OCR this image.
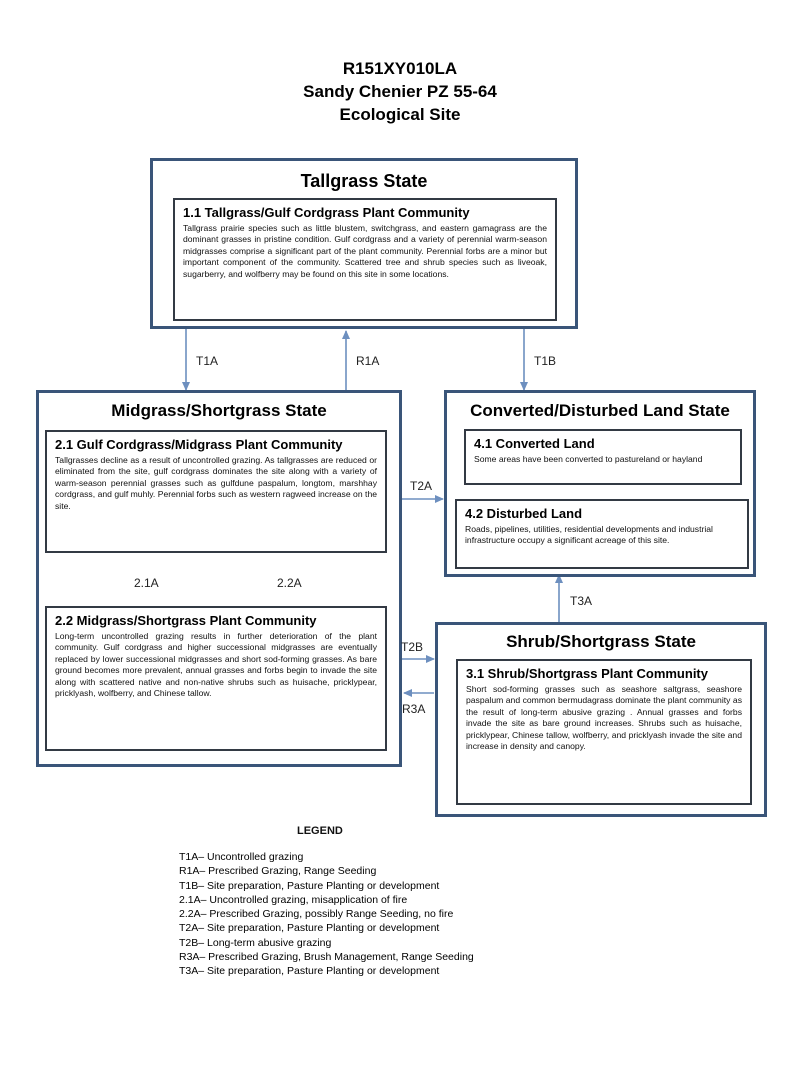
R151XY010LA
Sandy Chenier PZ 55-64
Ecological Site
Tallgrass State
1.1 Tallgrass/Gulf Cordgrass Plant Community
Tallgrass prairie species such as little blustem, switchgrass, and eastern gamagrass are the dominant grasses in pristine condition. Gulf cordgrass and a variety of perennial warm-season midgrasses comprise a significant part of the plant community. Perennial forbs are a minor but important component of the community. Scattered tree and shrub species such as liveoak, sugarberry, and wolfberry may be found on this site in some locations.
Midgrass/Shortgrass State
2.1 Gulf Cordgrass/Midgrass Plant Community
Tallgrasses decline as a result of uncontrolled grazing. As tallgrasses are reduced or eliminated from the site, gulf cordgrass dominates the site along with a variety of warm-season perennial grasses such as gulfdune paspalum, longtom, marshhay cordgrass, and gulf muhly. Perennial forbs such as western ragweed increase on the site.
2.2 Midgrass/Shortgrass Plant Community
Long-term uncontrolled grazing results in further deterioration of the plant community. Gulf cordgrass and higher successional midgrasses are eventually replaced by lower successional midgrasses and short sod-forming grasses. As bare ground becomes more prevalent, annual grasses and forbs begin to invade the site along with scattered native and non-native shrubs such as huisache, pricklypear, pricklyash, wolfberry, and Chinese tallow.
Converted/Disturbed Land State
4.1 Converted Land
Some areas have been converted to pastureland or hayland
4.2 Disturbed Land
Roads, pipelines, utilities, residential developments and industrial infrastructure occupy a significant acreage of this site.
Shrub/Shortgrass State
3.1 Shrub/Shortgrass Plant Community
Short sod-forming grasses such as seashore saltgrass, seashore paspalum and common bermudagrass dominate the plant community as the result of long-term abusive grazing . Annual grasses and forbs invade the site as bare ground increases. Shrubs such as huisache, pricklypear, Chinese tallow, wolfberry, and pricklyash invade the site and increase in density and canopy.
T1A	R1A	T1B
T2A
T2B
R3A
T3A
2.1A	2.2A
LEGEND
T1A– Uncontrolled grazing
R1A– Prescribed Grazing, Range Seeding
T1B– Site preparation, Pasture Planting or development
2.1A– Uncontrolled grazing, misapplication of fire
2.2A– Prescribed Grazing, possibly Range Seeding, no fire
T2A– Site preparation, Pasture Planting or development
T2B– Long-term abusive grazing
R3A– Prescribed Grazing, Brush Management, Range Seeding
T3A– Site preparation, Pasture Planting or development
